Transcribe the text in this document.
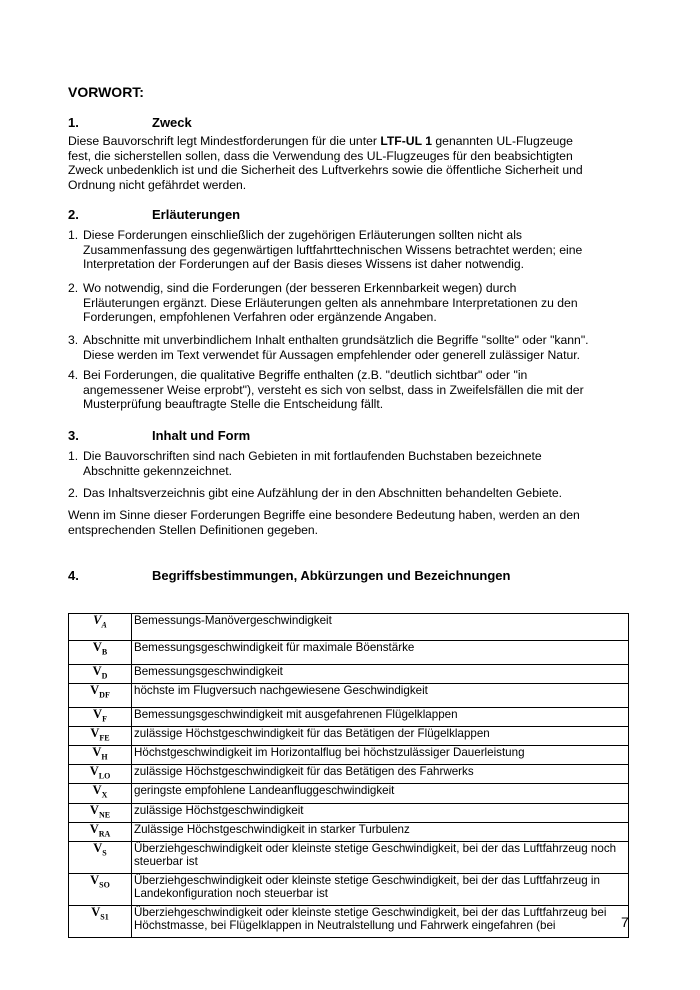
VORWORT:
1.	Zweck
Diese Bauvorschrift legt Mindestforderungen für die unter LTF-UL 1 genannten UL-Flugzeuge
fest, die sicherstellen sollen, dass die Verwendung des UL-Flugzeuges für den beabsichtigten
Zweck unbedenklich ist und die Sicherheit des Luftverkehrs sowie die öffentliche Sicherheit und
Ordnung nicht gefährdet werden.
2.	Erläuterungen
1. Diese Forderungen einschließlich der zugehörigen Erläuterungen sollten nicht als
Zusammenfassung des gegenwärtigen luftfahrttechnischen Wissens betrachtet werden; eine
Interpretation der Forderungen auf der Basis dieses Wissens ist daher notwendig.
2. Wo notwendig, sind die Forderungen (der besseren Erkennbarkeit wegen) durch
Erläuterungen ergänzt. Diese Erläuterungen gelten als annehmbare Interpretationen zu den
Forderungen, empfohlenen Verfahren oder ergänzende Angaben.
3. Abschnitte mit unverbindlichem Inhalt enthalten grundsätzlich die Begriffe "sollte" oder "kann".
Diese werden im Text verwendet für Aussagen empfehlender oder generell zulässiger Natur.
4. Bei Forderungen, die qualitative Begriffe enthalten (z.B. "deutlich sichtbar" oder "in
angemessener Weise erprobt"), versteht es sich von selbst, dass in Zweifelsfällen die mit der
Musterprüfung beauftragte Stelle die Entscheidung fällt.
3.	Inhalt und Form
1. Die Bauvorschriften sind nach Gebieten in mit fortlaufenden Buchstaben bezeichnete
Abschnitte gekennzeichnet.
2. Das Inhaltsverzeichnis gibt eine Aufzählung der in den Abschnitten behandelten Gebiete.
Wenn im Sinne dieser Forderungen Begriffe eine besondere Bedeutung haben, werden an den
entsprechenden Stellen Definitionen gegeben.
4.	Begriffsbestimmungen, Abkürzungen und Bezeichnungen
$V_A$	Bemessungs-Manövergeschwindigkeit
$V_B$	Bemessungsgeschwindigkeit für maximale Böenstärke
$V_D$	Bemessungsgeschwindigkeit
$V_{DF}$	höchste im Flugversuch nachgewiesene Geschwindigkeit
$V_F$	Bemessungsgeschwindigkeit mit ausgefahrenen Flügelklappen
$V_{FE}$	zulässige Höchstgeschwindigkeit für das Betätigen der Flügelklappen
$V_H$	Höchstgeschwindigkeit im Horizontalflug bei höchstzulässiger Dauerleistung
$V_{LO}$	zulässige Höchstgeschwindigkeit für das Betätigen des Fahrwerks
$V_X$	geringste empfohlene Landeanfluggeschwindigkeit
$V_{NE}$	zulässige Höchstgeschwindigkeit
$V_{RA}$	Zulässige Höchstgeschwindigkeit in starker Turbulenz
$V_S$	Überziehgeschwindigkeit oder kleinste stetige Geschwindigkeit, bei der das Luftfahrzeug noch steuerbar ist
$V_{SO}$	Überziehgeschwindigkeit oder kleinste stetige Geschwindigkeit, bei der das Luftfahrzeug in Landekonfiguration noch steuerbar ist
$V_{S1}$	Überziehgeschwindigkeit oder kleinste stetige Geschwindigkeit, bei der das Luftfahrzeug bei Höchstmasse, bei Flügelklappen in Neutralstellung und Fahrwerk eingefahren (bei	7
